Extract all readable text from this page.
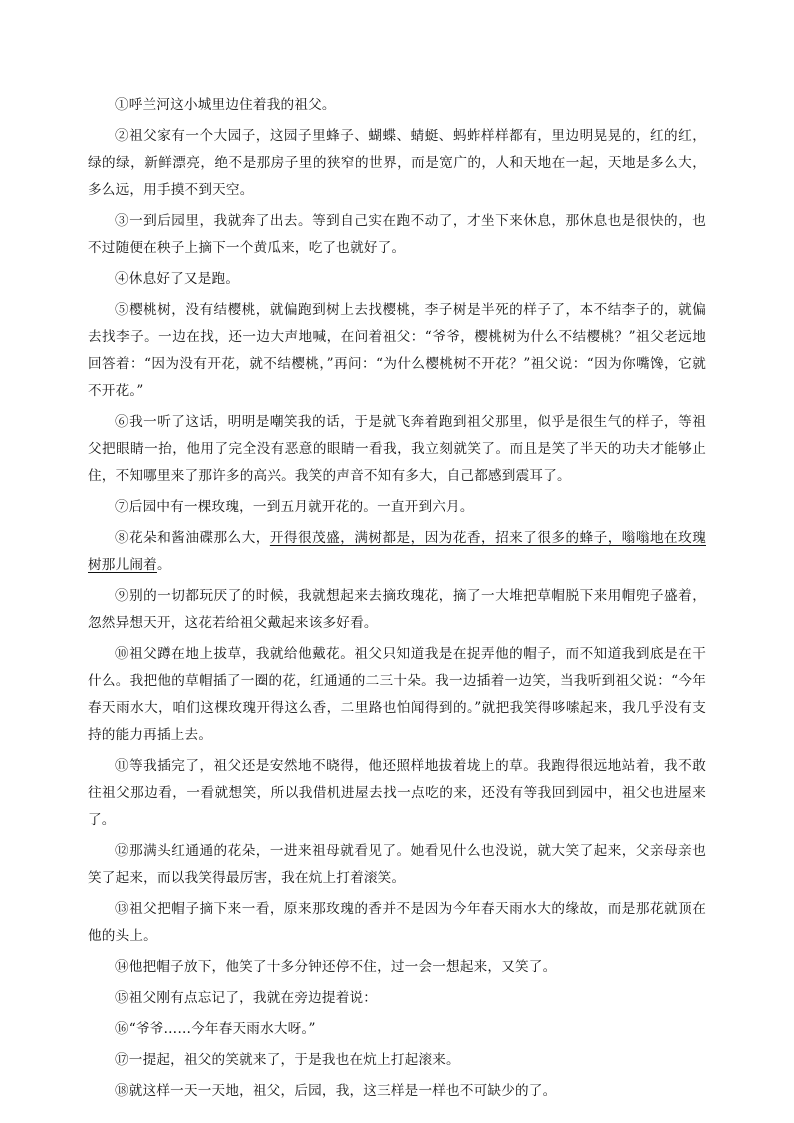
①呼兰河这小城里边住着我的祖父。

②祖父家有一个大园子，这园子里蜂子、蝴蝶、蜻蜓、蚂蚱样样都有，里边明晃晃的，红的红，绿的绿，新鲜漂亮，绝不是那房子里的狭窄的世界，而是宽广的，人和天地在一起，天地是多么大，多么远，用手摸不到天空。

③一到后园里，我就奔了出去。等到自己实在跑不动了，才坐下来休息，那休息也是很快的，也不过随便在秧子上摘下一个黄瓜来，吃了也就好了。

④休息好了又是跑。

⑤樱桃树，没有结樱桃，就偏跑到树上去找樱桃，李子树是半死的样子了，本不结李子的，就偏去找李子。一边在找，还一边大声地喊，在问着祖父：“爷爷，樱桃树为什么不结樱桃？”祖父老远地回答着：“因为没有开花，就不结樱桃，”再问：“为什么樱桃树不开花？”祖父说：“因为你嘴馋，它就不开花。”

⑥我一听了这话，明明是嘲笑我的话，于是就飞奔着跑到祖父那里，似乎是很生气的样子，等祖父把眼睛一抬，他用了完全没有恶意的眼睛一看我，我立刻就笑了。而且是笑了半天的功夫才能够止住，不知哪里来了那许多的高兴。我笑的声音不知有多大，自己都感到震耳了。

⑦后园中有一棵玫瑰，一到五月就开花的。一直开到六月。

⑧花朵和酱油碟那么大，开得很茂盛，满树都是，因为花香，招来了很多的蜂子，嗡嗡地在玫瑰树那儿闹着。

⑨别的一切都玩厌了的时候，我就想起来去摘玫瑰花，摘了一大堆把草帽脱下来用帽兜子盛着，忽然异想天开，这花若给祖父戴起来该多好看。

⑩祖父蹲在地上拔草，我就给他戴花。祖父只知道我是在捉弄他的帽子，而不知道我到底是在干什么。我把他的草帽插了一圈的花，红通通的二三十朵。我一边插着一边笑，当我听到祖父说：“今年春天雨水大，咱们这棵玫瑰开得这么香，二里路也怕闻得到的。”就把我笑得哆嗦起来，我几乎没有支持的能力再插上去。

⑪等我插完了，祖父还是安然地不晓得，他还照样地拔着垅上的草。我跑得很远地站着，我不敢往祖父那边看，一看就想笑，所以我借机进屋去找一点吃的来，还没有等我回到园中，祖父也进屋来了。

⑫那满头红通通的花朵，一进来祖母就看见了。她看见什么也没说，就大笑了起来，父亲母亲也笑了起来，而以我笑得最厉害，我在炕上打着滚笑。

⑬祖父把帽子摘下来一看，原来那玫瑰的香并不是因为今年春天雨水大的缘故，而是那花就顶在他的头上。

⑭他把帽子放下，他笑了十多分钟还停不住，过一会一想起来，又笑了。

⑮祖父刚有点忘记了，我就在旁边提着说：

⑯“爷爷……今年春天雨水大呀。”

⑰一提起，祖父的笑就来了，于是我也在炕上打起滚来。

⑱就这样一天一天地，祖父，后园，我，这三样是一样也不可缺少的了。
